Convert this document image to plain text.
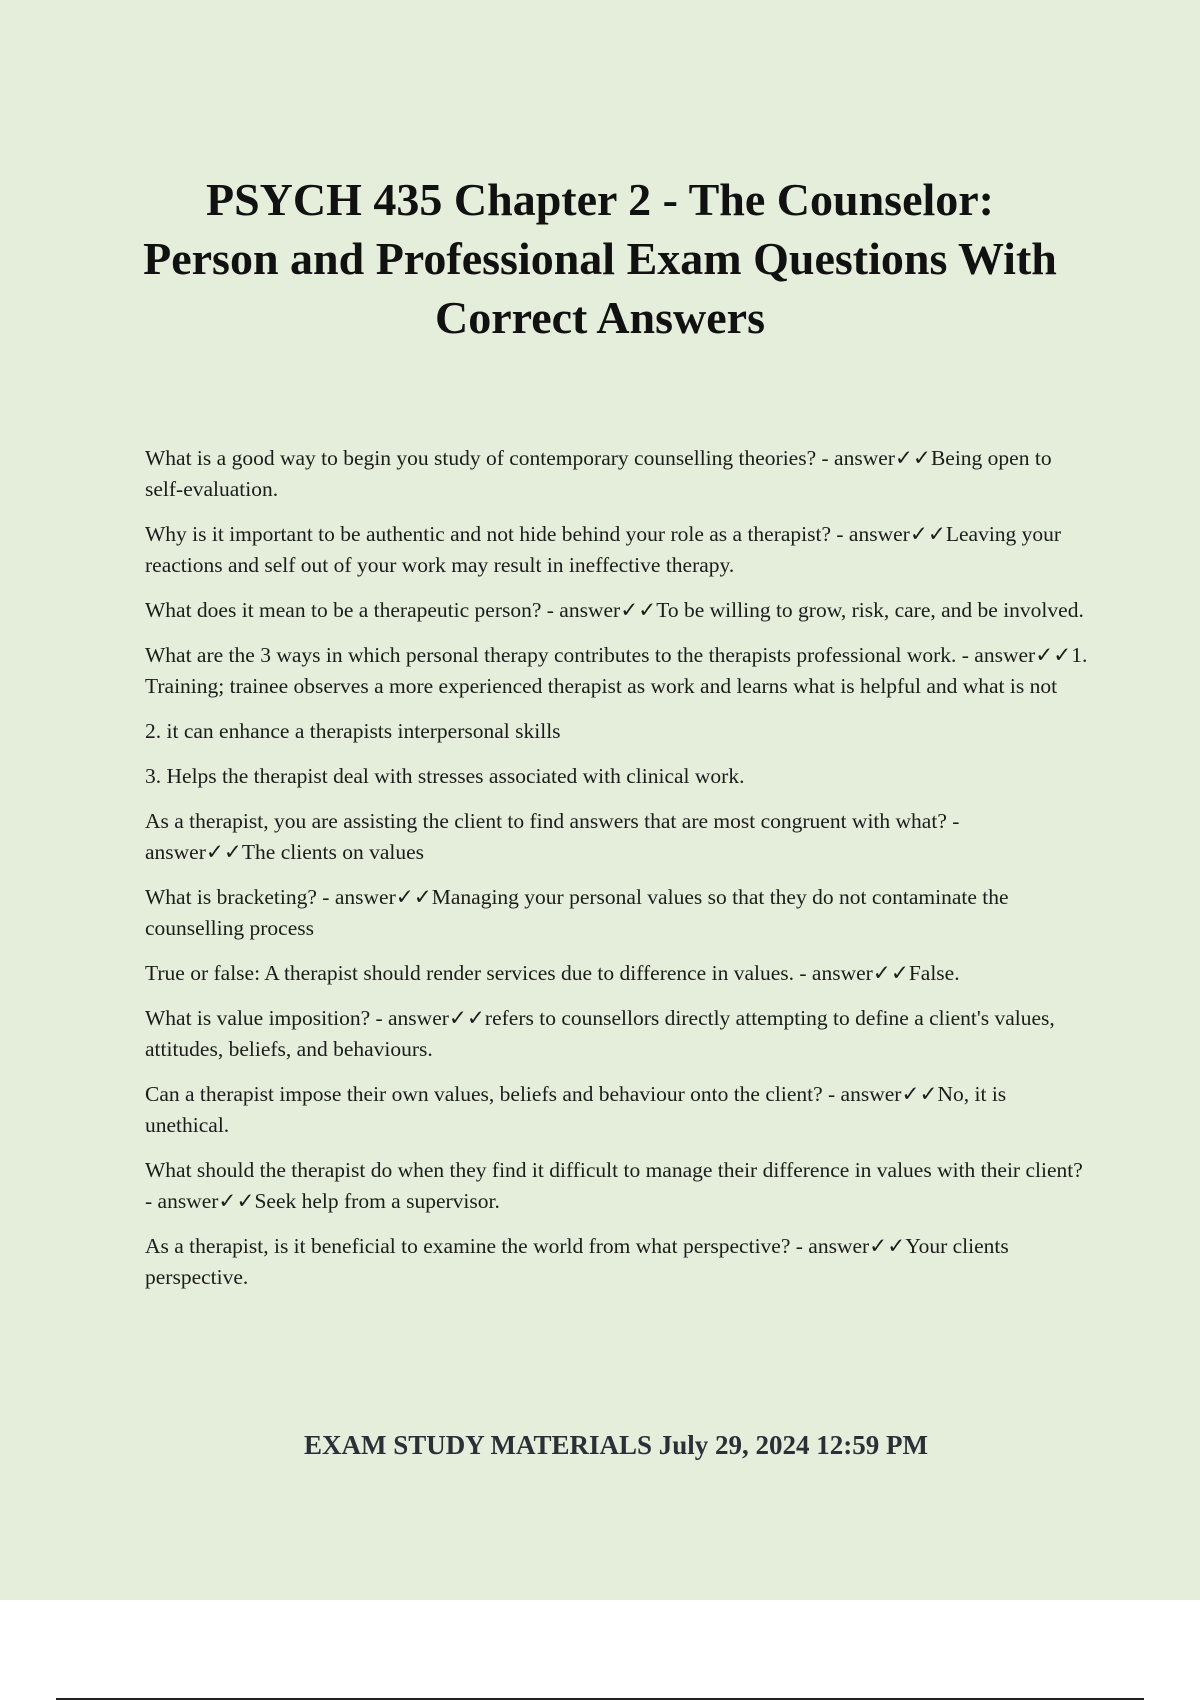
PSYCH 435 Chapter 2 - The Counselor: Person and Professional Exam Questions With Correct Answers

What is a good way to begin you study of contemporary counselling theories? - answer✓✓Being open to self-evaluation.

Why is it important to be authentic and not hide behind your role as a therapist? - answer✓✓Leaving your reactions and self out of your work may result in ineffective therapy.

What does it mean to be a therapeutic person? - answer✓✓To be willing to grow, risk, care, and be involved.

What are the 3 ways in which personal therapy contributes to the therapists professional work. - answer✓✓1. Training; trainee observes a more experienced therapist as work and learns what is helpful and what is not

2. it can enhance a therapists interpersonal skills

3. Helps the therapist deal with stresses associated with clinical work.

As a therapist, you are assisting the client to find answers that are most congruent with what? - answer✓✓The clients on values

What is bracketing? - answer✓✓Managing your personal values so that they do not contaminate the counselling process

True or false: A therapist should render services due to difference in values. - answer✓✓False.

What is value imposition? - answer✓✓refers to counsellors directly attempting to define a client's values, attitudes, beliefs, and behaviours.

Can a therapist impose their own values, beliefs and behaviour onto the client? - answer✓✓No, it is unethical.

What should the therapist do when they find it difficult to manage their difference in values with their client? - answer✓✓Seek help from a supervisor.

As a therapist, is it beneficial to examine the world from what perspective? - answer✓✓Your clients perspective.

EXAM STUDY MATERIALS July 29, 2024 12:59 PM
